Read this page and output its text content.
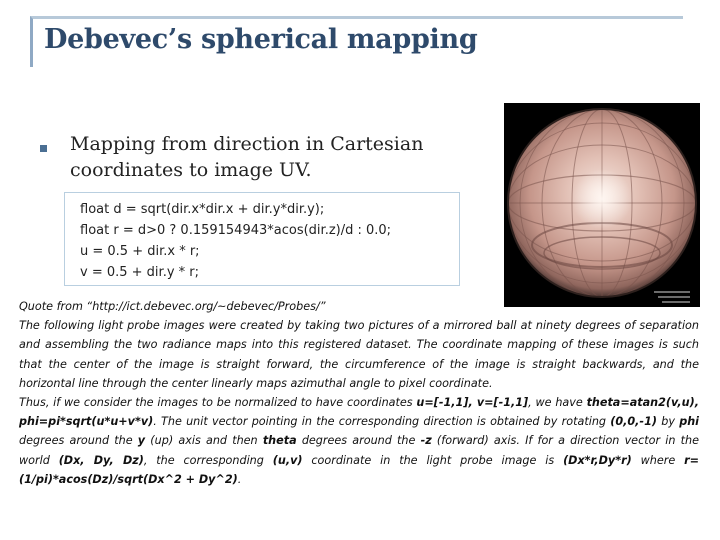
Debevec’s spherical mapping
Mapping from direction in Cartesian coordinates to image UV.
float d = sqrt(dir.x*dir.x + dir.y*dir.y);
float r = d>0 ? 0.159154943*acos(dir.z)/d : 0.0;
u = 0.5 + dir.x * r;
v = 0.5 + dir.y * r;

Quote from “http://ict.debevec.org/~debevec/Probes/”

The following light probe images were created by taking two pictures of a mirrored ball at ninety degrees of separation and assembling the two radiance maps into this registered dataset. The coordinate mapping of these images is such that the center of the image is straight forward, the circumference of the image is straight backwards, and the horizontal line through the center linearly maps azimuthal angle to pixel coordinate.

Thus, if we consider the images to be normalized to have coordinates u=[-1,1], v=[-1,1], we have theta=atan2(v,u), phi=pi*sqrt(u*u+v*v). The unit vector pointing in the corresponding direction is obtained by rotating (0,0,-1) by phi degrees around the y (up) axis and then theta degrees around the -z (forward) axis. If for a direction vector in the world (Dx, Dy, Dz), the corresponding (u,v) coordinate in the light probe image is (Dx*r,Dy*r) where r=(1/pi)*acos(Dz)/sqrt(Dx^2 + Dy^2).
